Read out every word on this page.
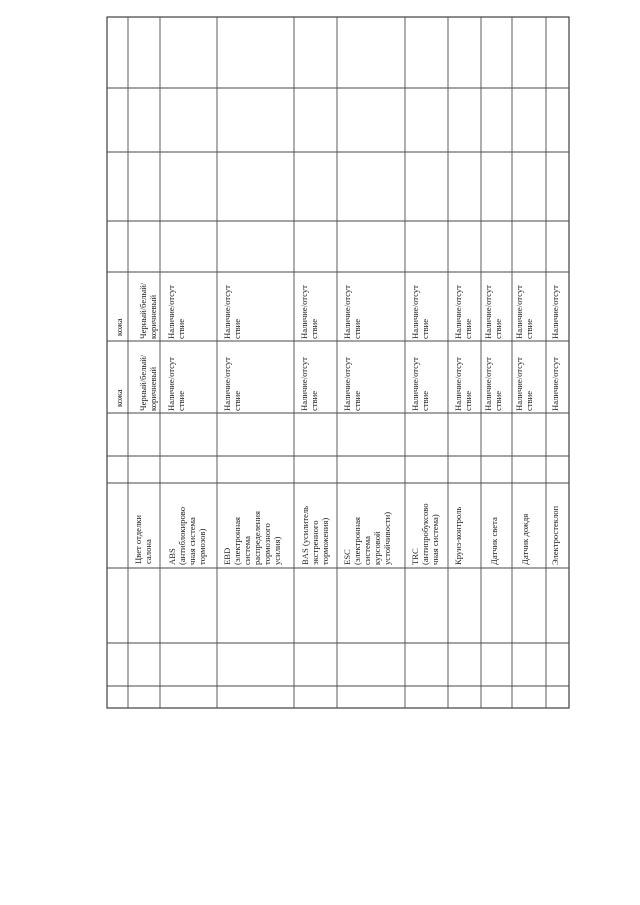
Цвет отделки салона
кожа
кожа
Черный/белый/ коричневый
Черный/белый/ коричневый
ABS (антиблокирово чная система тормозов)
Наличие/отсут ствие
Наличие/отсут ствие
EBD (электронная система распределения тормозного усилия)
Наличие/отсут ствие
Наличие/отсут ствие
BAS (усилитель экстренного торможения)
Наличие/отсут ствие
Наличие/отсут ствие
ESC (электронная система курсовой устойчивости)
Наличие/отсут ствие
Наличие/отсут ствие
TRC (антипробуксово чная система)
Наличие/отсут ствие
Наличие/отсут ствие
Круиз-контроль
Наличие/отсут ствие
Наличие/отсут ствие
Датчик света
Наличие/отсут ствие
Наличие/отсут ствие
Датчик дождя
Наличие/отсут ствие
Наличие/отсут ствие
Электростеклоп
Наличие/отсут
Наличие/отсут
